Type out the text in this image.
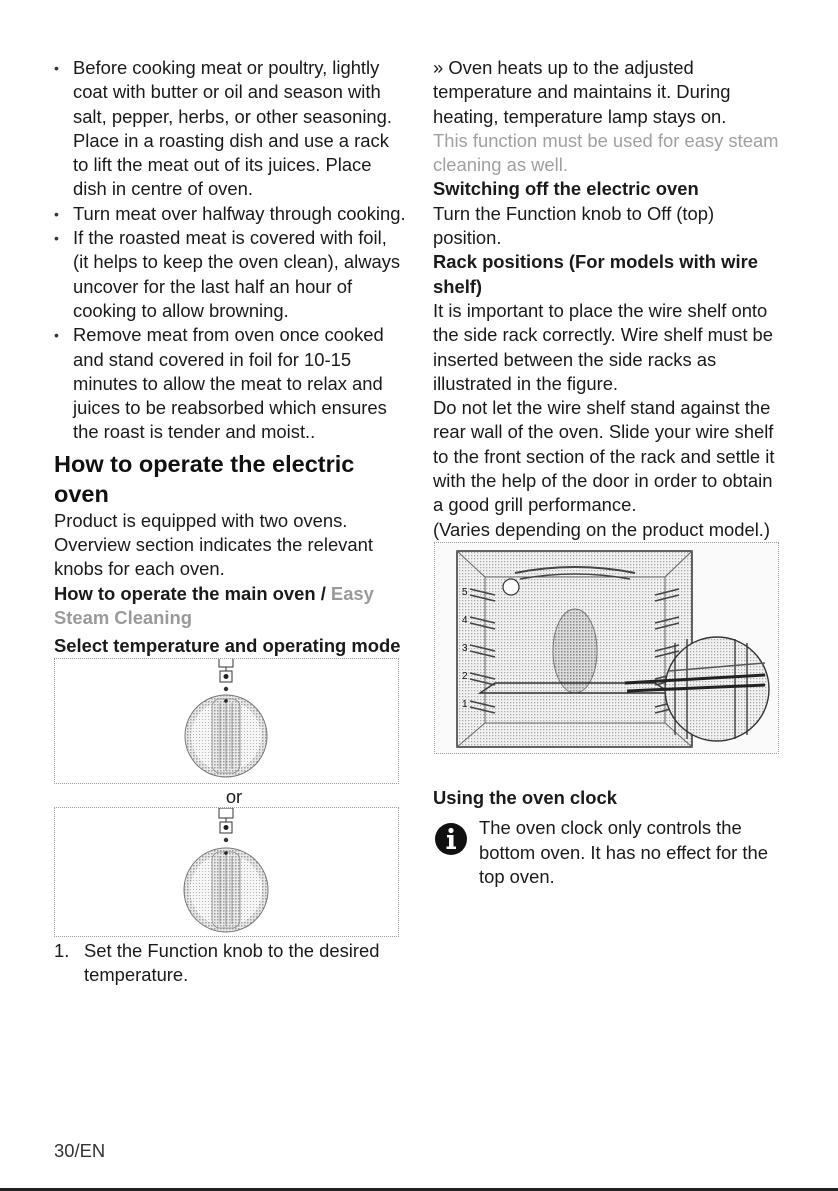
• Before cooking meat or poultry, lightly coat with butter or oil and season with salt, pepper, herbs, or other seasoning. Place in a roasting dish and use a rack to lift the meat out of its juices. Place dish in centre of oven.
• Turn meat over halfway through cooking.
• If the roasted meat is covered with foil, (it helps to keep the oven clean), always uncover for the last half an hour of cooking to allow browning.
• Remove meat from oven once cooked and stand covered in foil for 10-15 minutes to allow the meat to relax and juices to be reabsorbed which ensures the roast is tender and moist..
How to operate the electric oven

Product is equipped with two ovens. Overview section indicates the relevant knobs for each oven.

How to operate the main oven / Easy Steam Cleaning

Select temperature and operating mode

or

1. Set the Function knob to the desired temperature.

» Oven heats up to the adjusted temperature and maintains it. During heating, temperature lamp stays on.

This function must be used for easy steam cleaning as well.

Switching off the electric oven

Turn the Function knob to Off (top) position.

Rack positions (For models with wire shelf)

It is important to place the wire shelf onto the side rack correctly. Wire shelf must be inserted between the side racks as illustrated in the figure.

Do not let the wire shelf stand against the rear wall of the oven. Slide your wire shelf to the front section of the rack and settle it with the help of the door in order to obtain a good grill performance.

(Varies depending on the product model.)

5
4
3
2
1

Using the oven clock

The oven clock only controls the bottom oven. It has no effect for the top oven.
30/EN
